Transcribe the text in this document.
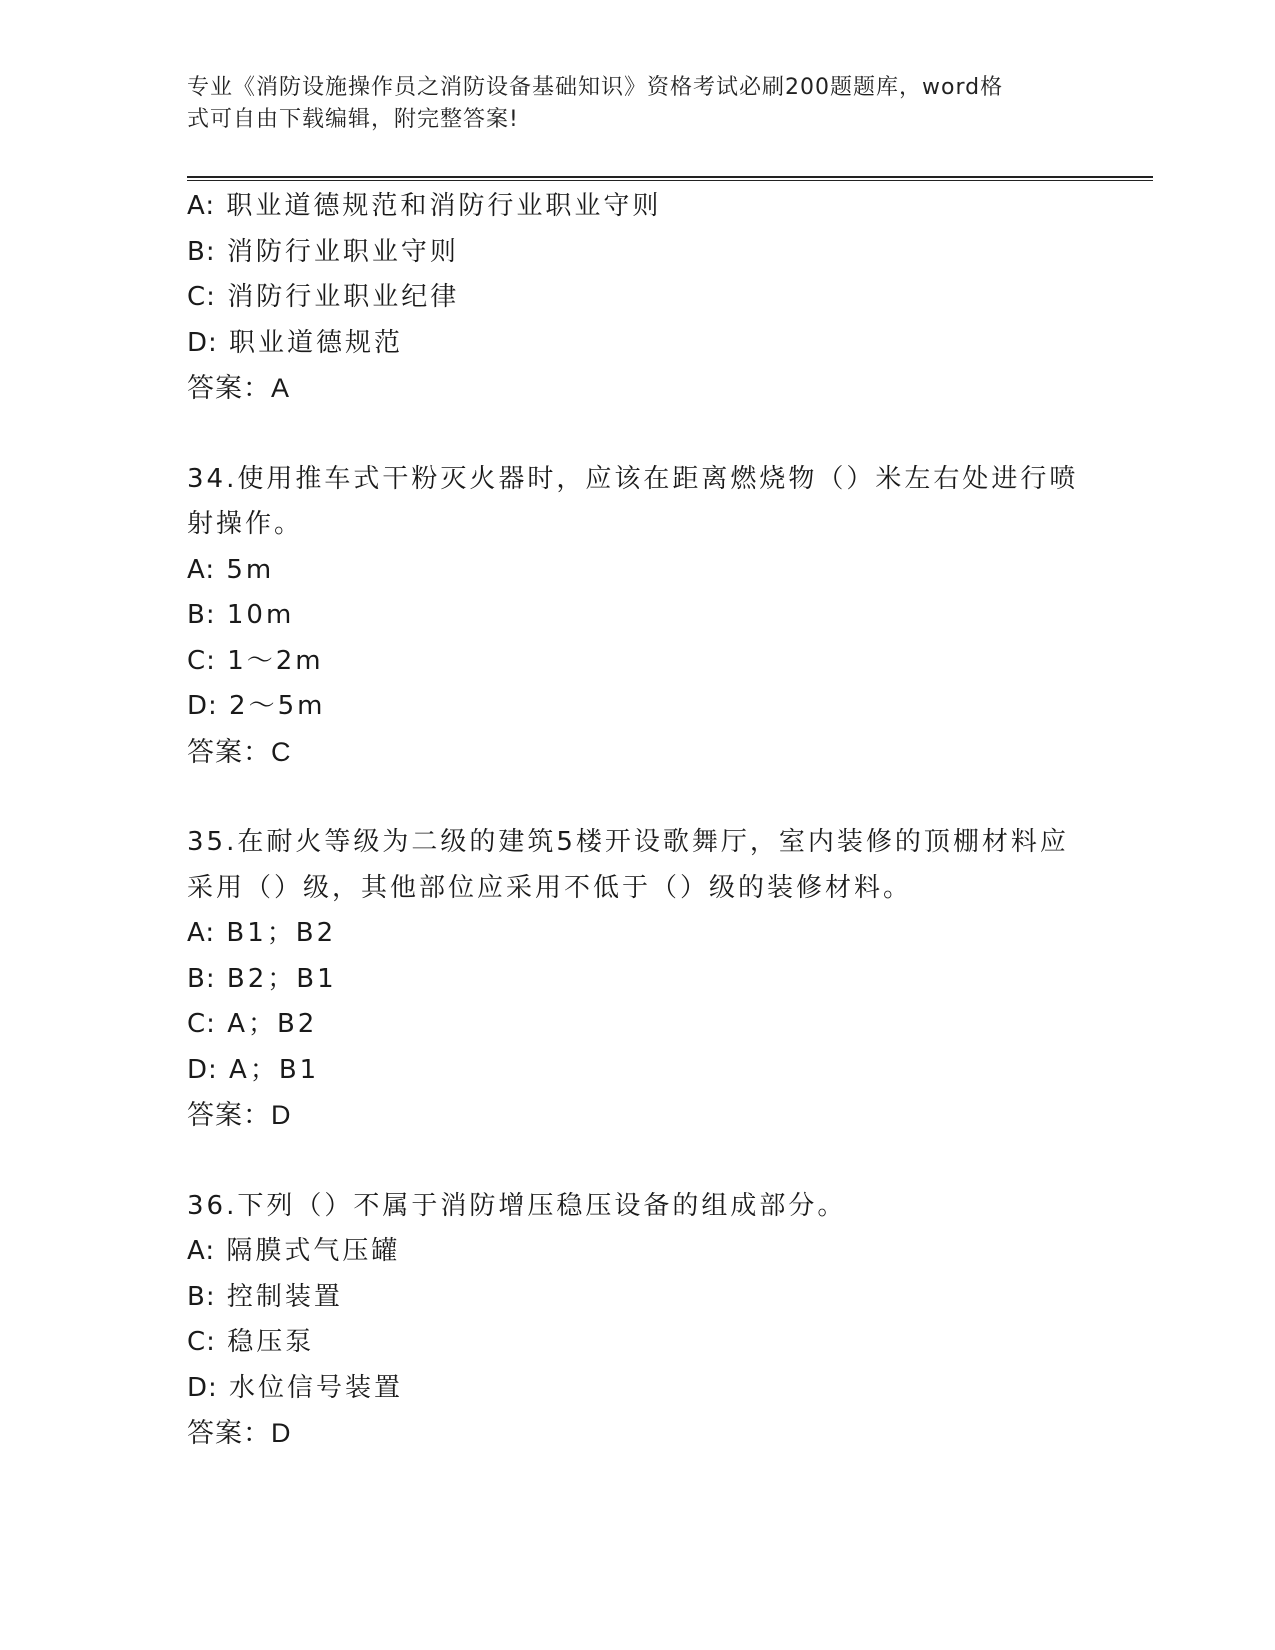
专业《消防设施操作员之消防设备基础知识》资格考试必刷200题题库，word格
式可自由下载编辑，附完整答案!
A: 职业道德规范和消防行业职业守则
B: 消防行业职业守则
C: 消防行业职业纪律
D: 职业道德规范
答案：A
34.使用推车式干粉灭火器时，应该在距离燃烧物（）米左右处进行喷
射操作。
A: 5m
B: 10m
C: 1～2m
D: 2～5m
答案：C
35.在耐火等级为二级的建筑5楼开设歌舞厅，室内装修的顶棚材料应
采用（）级，其他部位应采用不低于（）级的装修材料。
A: B1；B2
B: B2；B1
C: A；B2
D: A；B1
答案：D
36.下列（）不属于消防增压稳压设备的组成部分。
A: 隔膜式气压罐
B: 控制装置
C: 稳压泵
D: 水位信号装置
答案：D
